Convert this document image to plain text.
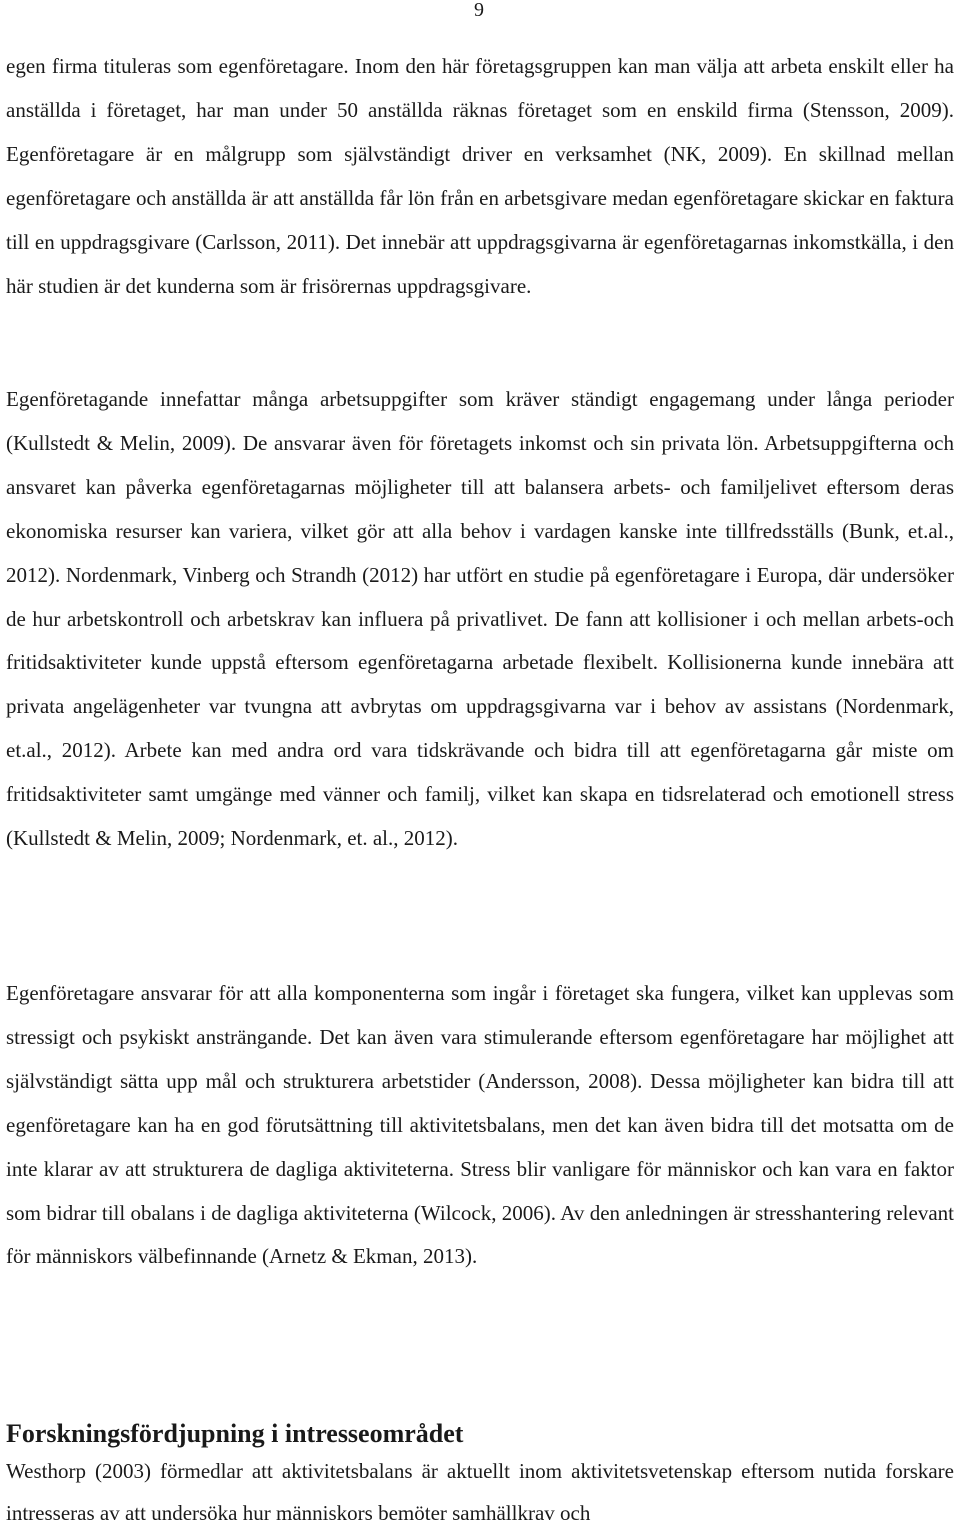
9

egen firma tituleras som egenföretagare. Inom den här företagsgruppen kan man välja att arbeta enskilt eller ha anställda i företaget, har man under 50 anställda räknas företaget som en enskild firma (Stensson, 2009). Egenföretagare är en målgrupp som självständigt driver en verksamhet (NK, 2009). En skillnad mellan egenföretagare och anställda är att anställda får lön från en arbetsgivare medan egenföretagare skickar en faktura till en uppdragsgivare (Carlsson, 2011). Det innebär att uppdragsgivarna är egenföretagarnas inkomstkälla, i den här studien är det kunderna som är frisörernas uppdragsgivare.

Egenföretagande innefattar många arbetsuppgifter som kräver ständigt engagemang under långa perioder (Kullstedt & Melin, 2009). De ansvarar även för företagets inkomst och sin privata lön. Arbetsuppgifterna och ansvaret kan påverka egenföretagarnas möjligheter till att balansera arbets- och familjelivet eftersom deras ekonomiska resurser kan variera, vilket gör att alla behov i vardagen kanske inte tillfredsställs (Bunk, et.al., 2012). Nordenmark, Vinberg och Strandh (2012) har utfört en studie på egenföretagare i Europa, där undersöker de hur arbetskontroll och arbetskrav kan influera på privatlivet. De fann att kollisioner i och mellan arbets-och fritidsaktiviteter kunde uppstå eftersom egenföretagarna arbetade flexibelt. Kollisionerna kunde innebära att privata angelägenheter var tvungna att avbrytas om uppdragsgivarna var i behov av assistans (Nordenmark, et.al., 2012). Arbete kan med andra ord vara tidskrävande och bidra till att egenföretagarna går miste om fritidsaktiviteter samt umgänge med vänner och familj, vilket kan skapa en tidsrelaterad och emotionell stress (Kullstedt & Melin, 2009; Nordenmark, et. al., 2012).

Egenföretagare ansvarar för att alla komponenterna som ingår i företaget ska fungera, vilket kan upplevas som stressigt och psykiskt ansträngande. Det kan även vara stimulerande eftersom egenföretagare har möjlighet att självständigt sätta upp mål och strukturera arbetstider (Andersson, 2008). Dessa möjligheter kan bidra till att egenföretagare kan ha en god förutsättning till aktivitetsbalans, men det kan även bidra till det motsatta om de inte klarar av att strukturera de dagliga aktiviteterna. Stress blir vanligare för människor och kan vara en faktor som bidrar till obalans i de dagliga aktiviteterna (Wilcock, 2006). Av den anledningen är stresshantering relevant för människors välbefinnande (Arnetz & Ekman, 2013).

Forskningsfördjupning i intresseområdet

Westhorp (2003) förmedlar att aktivitetsbalans är aktuellt inom aktivitetsvetenskap eftersom nutida forskare intresseras av att undersöka hur människors bemöter samhällkrav och
